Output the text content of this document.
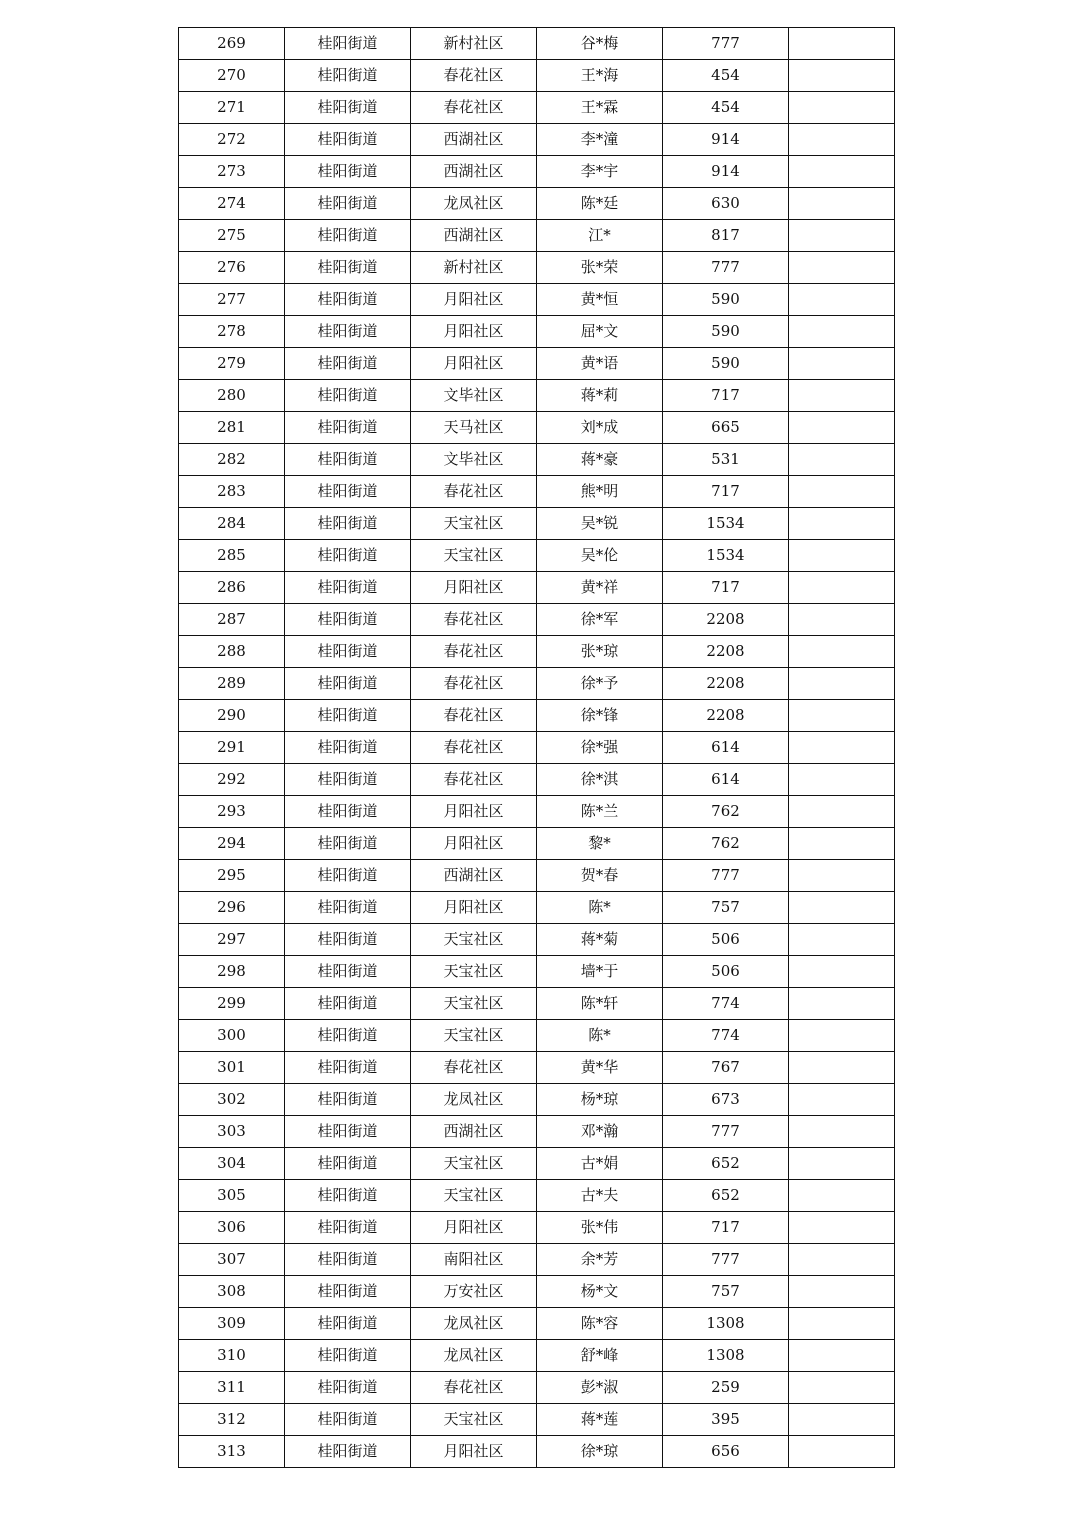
269	桂阳街道	新村社区	谷*梅	777	
270	桂阳街道	春花社区	王*海	454	
271	桂阳街道	春花社区	王*霖	454	
272	桂阳街道	西湖社区	李*潼	914	
273	桂阳街道	西湖社区	李*宇	914	
274	桂阳街道	龙凤社区	陈*廷	630	
275	桂阳街道	西湖社区	江*	817	
276	桂阳街道	新村社区	张*荣	777	
277	桂阳街道	月阳社区	黄*恒	590	
278	桂阳街道	月阳社区	屈*文	590	
279	桂阳街道	月阳社区	黄*语	590	
280	桂阳街道	文毕社区	蒋*莉	717	
281	桂阳街道	天马社区	刘*成	665	
282	桂阳街道	文毕社区	蒋*豪	531	
283	桂阳街道	春花社区	熊*明	717	
284	桂阳街道	天宝社区	吴*锐	1534	
285	桂阳街道	天宝社区	吴*伦	1534	
286	桂阳街道	月阳社区	黄*祥	717	
287	桂阳街道	春花社区	徐*军	2208	
288	桂阳街道	春花社区	张*琼	2208	
289	桂阳街道	春花社区	徐*予	2208	
290	桂阳街道	春花社区	徐*锋	2208	
291	桂阳街道	春花社区	徐*强	614	
292	桂阳街道	春花社区	徐*淇	614	
293	桂阳街道	月阳社区	陈*兰	762	
294	桂阳街道	月阳社区	黎*	762	
295	桂阳街道	西湖社区	贺*春	777	
296	桂阳街道	月阳社区	陈*	757	
297	桂阳街道	天宝社区	蒋*菊	506	
298	桂阳街道	天宝社区	墙*于	506	
299	桂阳街道	天宝社区	陈*轩	774	
300	桂阳街道	天宝社区	陈*	774	
301	桂阳街道	春花社区	黄*华	767	
302	桂阳街道	龙凤社区	杨*琼	673	
303	桂阳街道	西湖社区	邓*瀚	777	
304	桂阳街道	天宝社区	古*娟	652	
305	桂阳街道	天宝社区	古*夫	652	
306	桂阳街道	月阳社区	张*伟	717	
307	桂阳街道	南阳社区	余*芳	777	
308	桂阳街道	万安社区	杨*文	757	
309	桂阳街道	龙凤社区	陈*容	1308	
310	桂阳街道	龙凤社区	舒*峰	1308	
311	桂阳街道	春花社区	彭*淑	259	
312	桂阳街道	天宝社区	蒋*莲	395	
313	桂阳街道	月阳社区	徐*琼	656	
